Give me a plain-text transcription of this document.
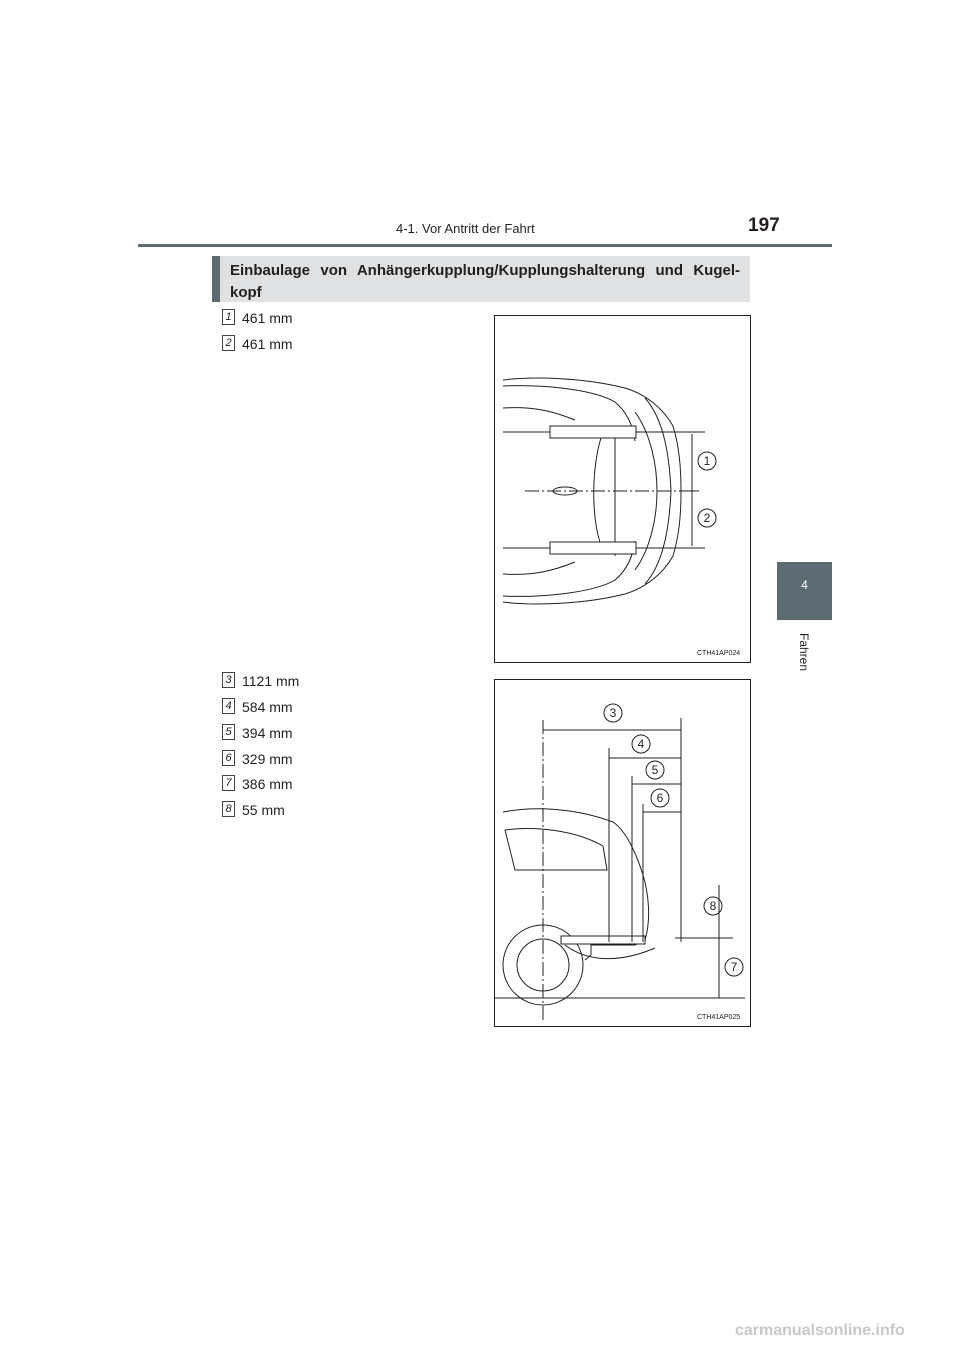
4-1. Vor Antritt der Fahrt	197
4
Fahren
Einbaulage von Anhängerkupplung/Kupplungshalterung und Kugel-kopf
1 461 mm
2 461 mm
3 1121 mm
4 584 mm
5 394 mm
6 329 mm
7 386 mm
8 55 mm
1
2
CTH41AP024
3
4
5
6
8
7
CTH41AP025
carmanualsonline.info
